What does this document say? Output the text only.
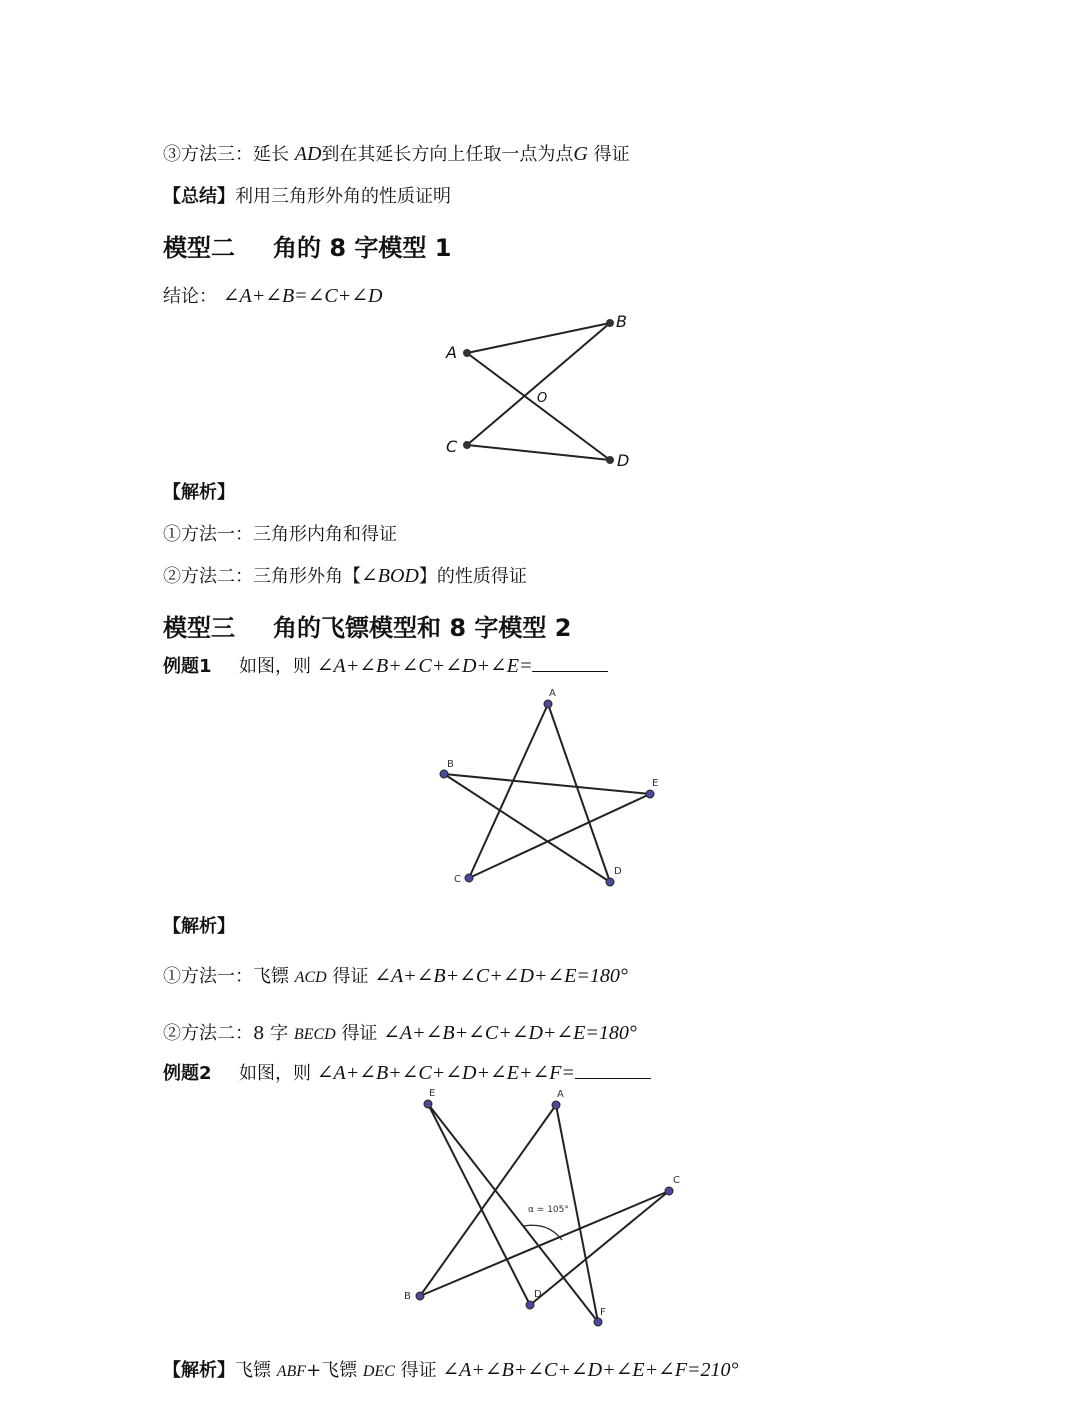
③方法三：延长 AD到在其延长方向上任取一点为点G 得证
【总结】利用三角形外角的性质证明
模型二 角的 8 字模型 1
结论： ∠A+∠B=∠C+∠D
A
B
O
C
D
【解析】
①方法一：三角形内角和得证
②方法二：三角形外角【∠BOD】的性质得证
模型三 角的飞镖模型和 8 字模型 2
例题1 如图，则 ∠A+∠B+∠C+∠D+∠E=
A
B
C
D
E
【解析】
①方法一：飞镖 ACD 得证 ∠A+∠B+∠C+∠D+∠E=180°
②方法二：8 字 BECD 得证 ∠A+∠B+∠C+∠D+∠E=180°
例题2 如图，则 ∠A+∠B+∠C+∠D+∠E+∠F=
E	A
C
B	D
F
α = 105°
【解析】飞镖 ABF+飞镖 DEC 得证 ∠A+∠B+∠C+∠D+∠E+∠F=210°
